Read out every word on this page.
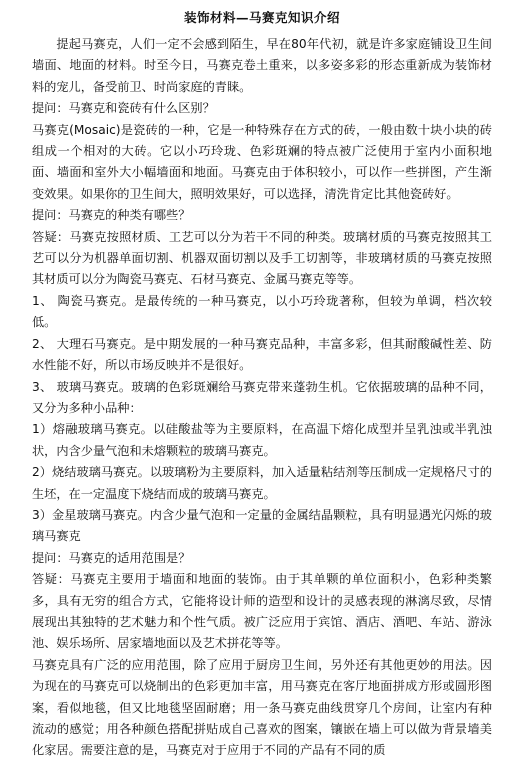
装饰材料—马赛克知识介绍

提起马赛克，人们一定不会感到陌生，早在80年代初，就是许多家庭铺设卫生间墙面、地面的材料。时至今日，马赛克卷土重来，以多姿多彩的形态重新成为装饰材料的宠儿，备受前卫、时尚家庭的青睐。

提问：马赛克和瓷砖有什么区别？

马赛克(Mosaic)是瓷砖的一种，它是一种特殊存在方式的砖，一般由数十块小块的砖组成一个相对的大砖。它以小巧玲珑、色彩斑斓的特点被广泛使用于室内小面积地面、墙面和室外大小幅墙面和地面。马赛克由于体积较小，可以作一些拼图，产生渐变效果。如果你的卫生间大，照明效果好，可以选择，清洗肯定比其他瓷砖好。

提问：马赛克的种类有哪些？

答疑：马赛克按照材质、工艺可以分为若干不同的种类。玻璃材质的马赛克按照其工艺可以分为机器单面切割、机器双面切割以及手工切割等，非玻璃材质的马赛克按照其材质可以分为陶瓷马赛克、石材马赛克、金属马赛克等等。

1、 陶瓷马赛克。是最传统的一种马赛克，以小巧玲珑著称，但较为单调，档次较低。

2、 大理石马赛克。是中期发展的一种马赛克品种，丰富多彩，但其耐酸碱性差、防水性能不好，所以市场反映并不是很好。

3、 玻璃马赛克。玻璃的色彩斑斓给马赛克带来蓬勃生机。它依据玻璃的品种不同，又分为多种小品种：

1）熔融玻璃马赛克。以硅酸盐等为主要原料，在高温下熔化成型并呈乳浊或半乳浊状，内含少量气泡和未熔颗粒的玻璃马赛克。

2）烧结玻璃马赛克。以玻璃粉为主要原料，加入适量粘结剂等压制成一定规格尺寸的生坯，在一定温度下烧结而成的玻璃马赛克。

3）金星玻璃马赛克。内含少量气泡和一定量的金属结晶颗粒，具有明显遇光闪烁的玻璃马赛克

提问：马赛克的适用范围是？

答疑：马赛克主要用于墙面和地面的装饰。由于其单颗的单位面积小，色彩种类繁多，具有无穷的组合方式，它能将设计师的造型和设计的灵感表现的淋漓尽致，尽情展现出其独特的艺术魅力和个性气质。被广泛应用于宾馆、酒店、酒吧、车站、游泳池、娱乐场所、居家墙地面以及艺术拼花等等。

马赛克具有广泛的应用范围，除了应用于厨房卫生间，另外还有其他更妙的用法。因为现在的马赛克可以烧制出的色彩更加丰富，用马赛克在客厅地面拼成方形或圆形图案，看似地毯，但又比地毯坚固耐磨；用一条马赛克曲线贯穿几个房间，让室内有种流动的感觉；用各种颜色搭配拼贴成自己喜欢的图案，镶嵌在墙上可以做为背景墙美化家居。需要注意的是，马赛克对于应用于不同的产品有不同的质
